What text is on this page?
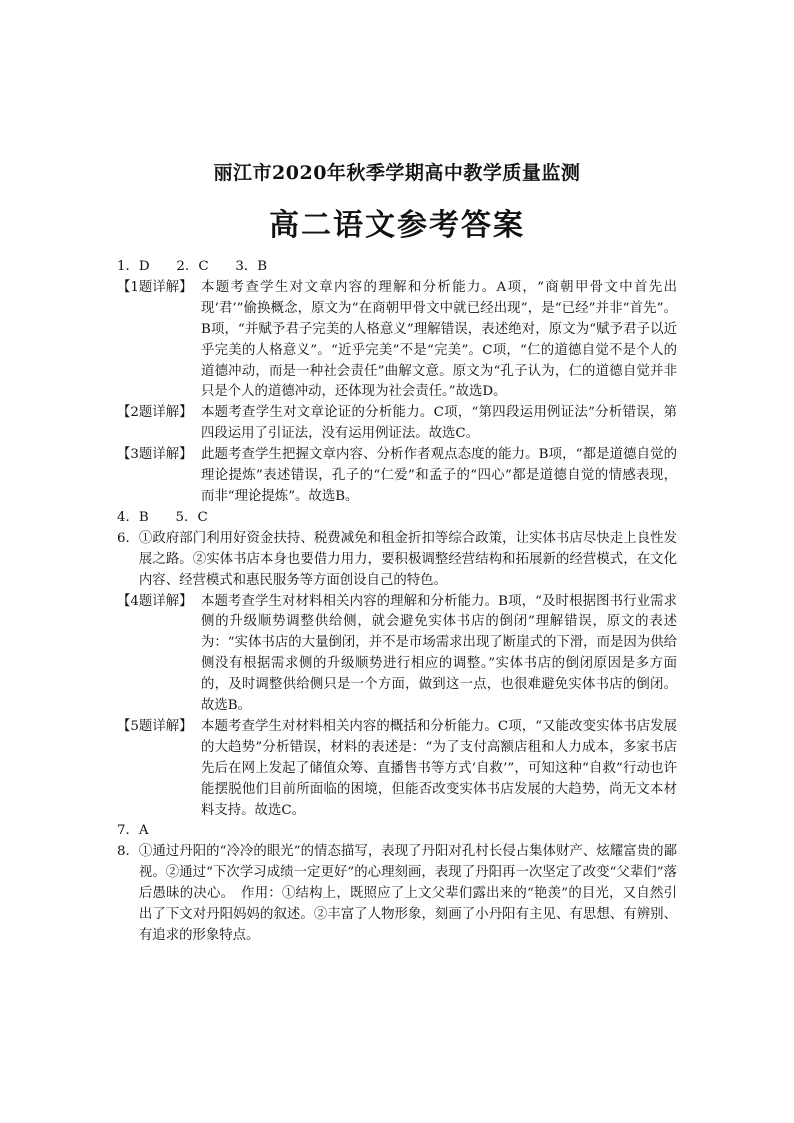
丽江市2020年秋季学期高中教学质量监测
高二语文参考答案
1．D　　2．C　　3．B
【1题详解】 本题考查学生对文章内容的理解和分析能力。A项，“商朝甲骨文中首先出现‘君’”偷换概念，原文为“在商朝甲骨文中就已经出现”，是“已经”并非“首先”。B项，“并赋予君子完美的人格意义”理解错误，表述绝对，原文为“赋予君子以近乎完美的人格意义”。“近乎完美”不是“完美”。C项，“仁的道德自觉不是个人的道德冲动，而是一种社会责任”曲解文意。原文为“孔子认为，仁的道德自觉并非只是个人的道德冲动，还体现为社会责任。”故选D。
【2题详解】 本题考查学生对文章论证的分析能力。C项，“第四段运用例证法”分析错误，第四段运用了引证法，没有运用例证法。故选C。
【3题详解】 此题考查学生把握文章内容、分析作者观点态度的能力。B项，“都是道德自觉的理论提炼”表述错误，孔子的“仁爱”和孟子的“四心”都是道德自觉的情感表现，而非“理论提炼”。故选B。
4．B　　5．C
6． ①政府部门利用好资金扶持、税费减免和租金折扣等综合政策，让实体书店尽快走上良性发展之路。②实体书店本身也要借力用力，要积极调整经营结构和拓展新的经营模式，在文化内容、经营模式和惠民服务等方面创设自己的特色。
【4题详解】 本题考查学生对材料相关内容的理解和分析能力。B项，“及时根据图书行业需求侧的升级顺势调整供给侧，就会避免实体书店的倒闭”理解错误，原文的表述为：“实体书店的大量倒闭，并不是市场需求出现了断崖式的下滑，而是因为供给侧没有根据需求侧的升级顺势进行相应的调整。”实体书店的倒闭原因是多方面的，及时调整供给侧只是一个方面，做到这一点，也很难避免实体书店的倒闭。故选B。
【5题详解】 本题考查学生对材料相关内容的概括和分析能力。C项，“又能改变实体书店发展的大趋势”分析错误，材料的表述是：“为了支付高额店租和人力成本，多家书店先后在网上发起了储值众筹、直播售书等方式‘自救’”，可知这种“自救”行动也许能摆脱他们目前所面临的困境，但能否改变实体书店发展的大趋势，尚无文本材料支持。故选C。
7．A
8． ①通过丹阳的“冷冷的眼光”的情态描写，表现了丹阳对孔村长侵占集体财产、炫耀富贵的鄙视。②通过“下次学习成绩一定更好”的心理刻画，表现了丹阳再一次坚定了改变“父辈们”落后愚昧的决心。　作用：①结构上，既照应了上文父辈们露出来的“艳羡”的目光，又自然引出了下文对丹阳妈妈的叙述。②丰富了人物形象，刻画了小丹阳有主见、有思想、有辨别、有追求的形象特点。
